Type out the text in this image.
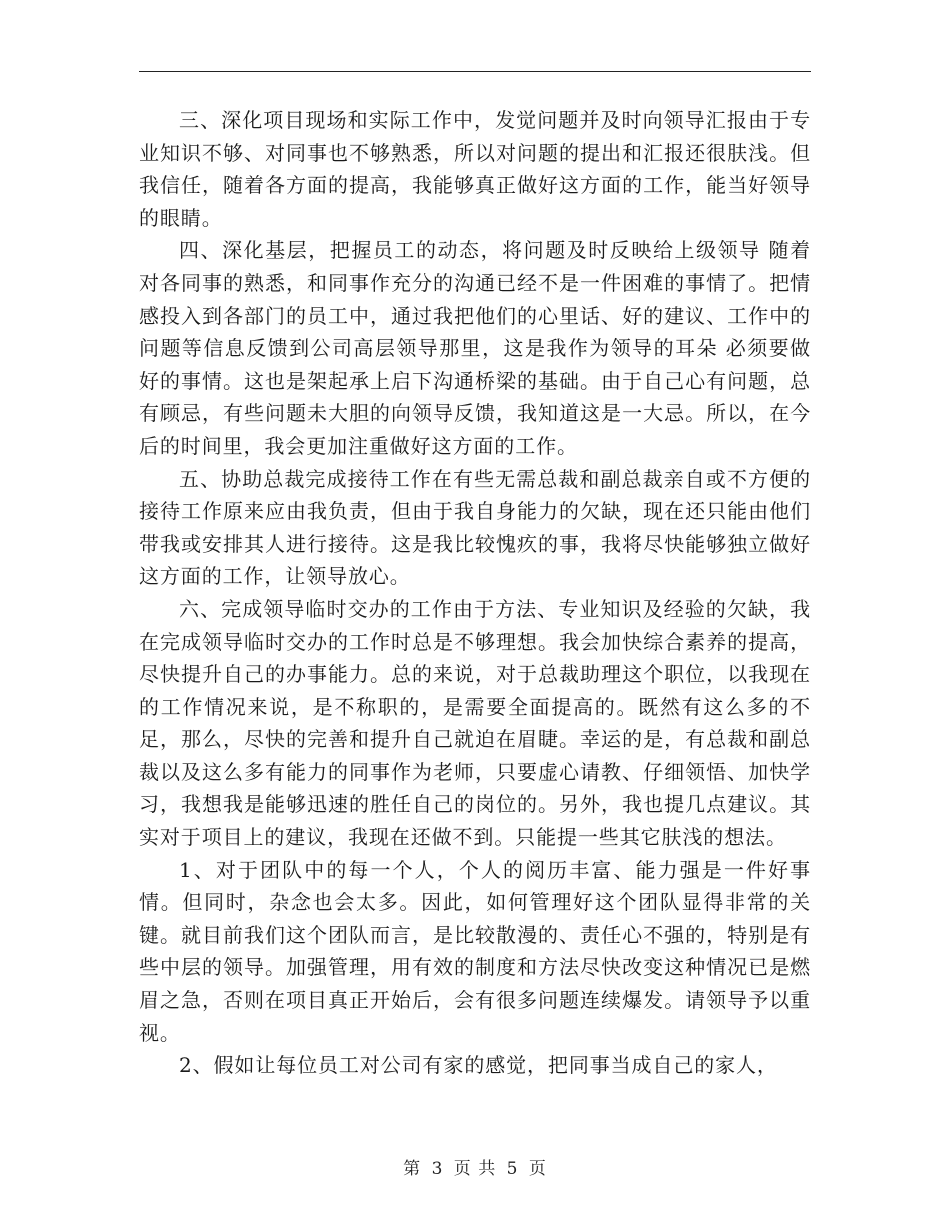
三、深化项目现场和实际工作中，发觉问题并及时向领导汇报由于专业知识不够、对同事也不够熟悉，所以对问题的提出和汇报还很肤浅。但我信任，随着各方面的提高，我能够真正做好这方面的工作，能当好领导的眼睛。

四、深化基层，把握员工的动态，将问题及时反映给上级领导 随着对各同事的熟悉，和同事作充分的沟通已经不是一件困难的事情了。把情感投入到各部门的员工中，通过我把他们的心里话、好的建议、工作中的问题等信息反馈到公司高层领导那里，这是我作为领导的耳朵 必须要做好的事情。这也是架起承上启下沟通桥梁的基础。由于自己心有问题，总有顾忌，有些问题未大胆的向领导反馈，我知道这是一大忌。所以，在今后的时间里，我会更加注重做好这方面的工作。

五、协助总裁完成接待工作在有些无需总裁和副总裁亲自或不方便的接待工作原来应由我负责，但由于我自身能力的欠缺，现在还只能由他们带我或安排其人进行接待。这是我比较愧疚的事，我将尽快能够独立做好这方面的工作，让领导放心。

六、完成领导临时交办的工作由于方法、专业知识及经验的欠缺，我在完成领导临时交办的工作时总是不够理想。我会加快综合素养的提高，尽快提升自己的办事能力。总的来说，对于总裁助理这个职位，以我现在的工作情况来说，是不称职的，是需要全面提高的。既然有这么多的不足，那么，尽快的完善和提升自己就迫在眉睫。幸运的是，有总裁和副总裁以及这么多有能力的同事作为老师，只要虚心请教、仔细领悟、加快学习，我想我是能够迅速的胜任自己的岗位的。另外，我也提几点建议。其实对于项目上的建议，我现在还做不到。只能提一些其它肤浅的想法。

1、对于团队中的每一个人，个人的阅历丰富、能力强是一件好事情。但同时，杂念也会太多。因此，如何管理好这个团队显得非常的关键。就目前我们这个团队而言，是比较散漫的、责任心不强的，特别是有些中层的领导。加强管理，用有效的制度和方法尽快改变这种情况已是燃眉之急，否则在项目真正开始后，会有很多问题连续爆发。请领导予以重视。

2、假如让每位员工对公司有家的感觉，把同事当成自己的家人，

第 3 页 共 5 页
